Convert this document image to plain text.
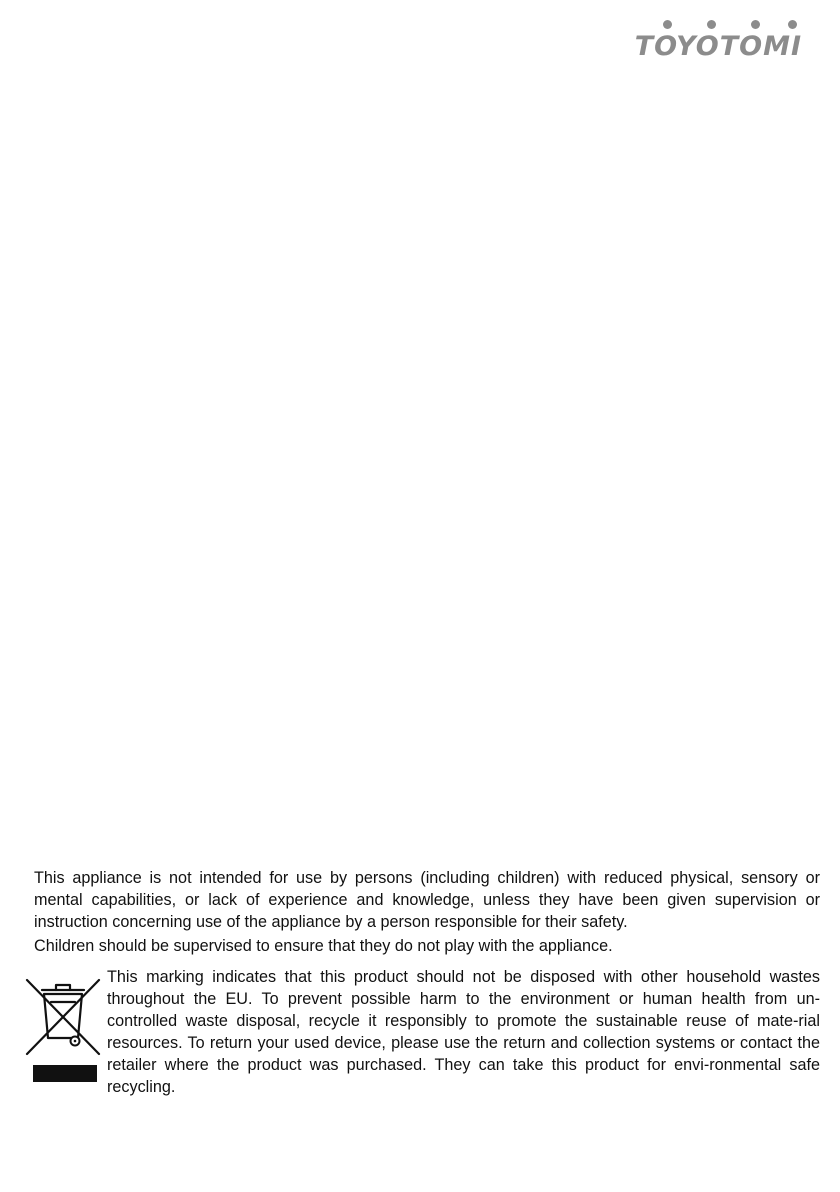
TOYOTOMI

This appliance is not intended for use by persons (including children) with reduced physical, sensory or mental capabilities, or lack of experience and knowledge, unless they have been given supervision or instruction concerning use of the appliance by a person responsible for their safety.

Children should be supervised to ensure that they do not play with the appliance.

This marking indicates that this product should not be disposed with other household wastes throughout the EU. To prevent possible harm to the environment or human health from un-controlled waste disposal, recycle it responsibly to promote the sustainable reuse of mate-rial resources. To return your used device, please use the return and collection systems or contact the retailer where the product was purchased. They can take this product for envi-ronmental safe recycling.
